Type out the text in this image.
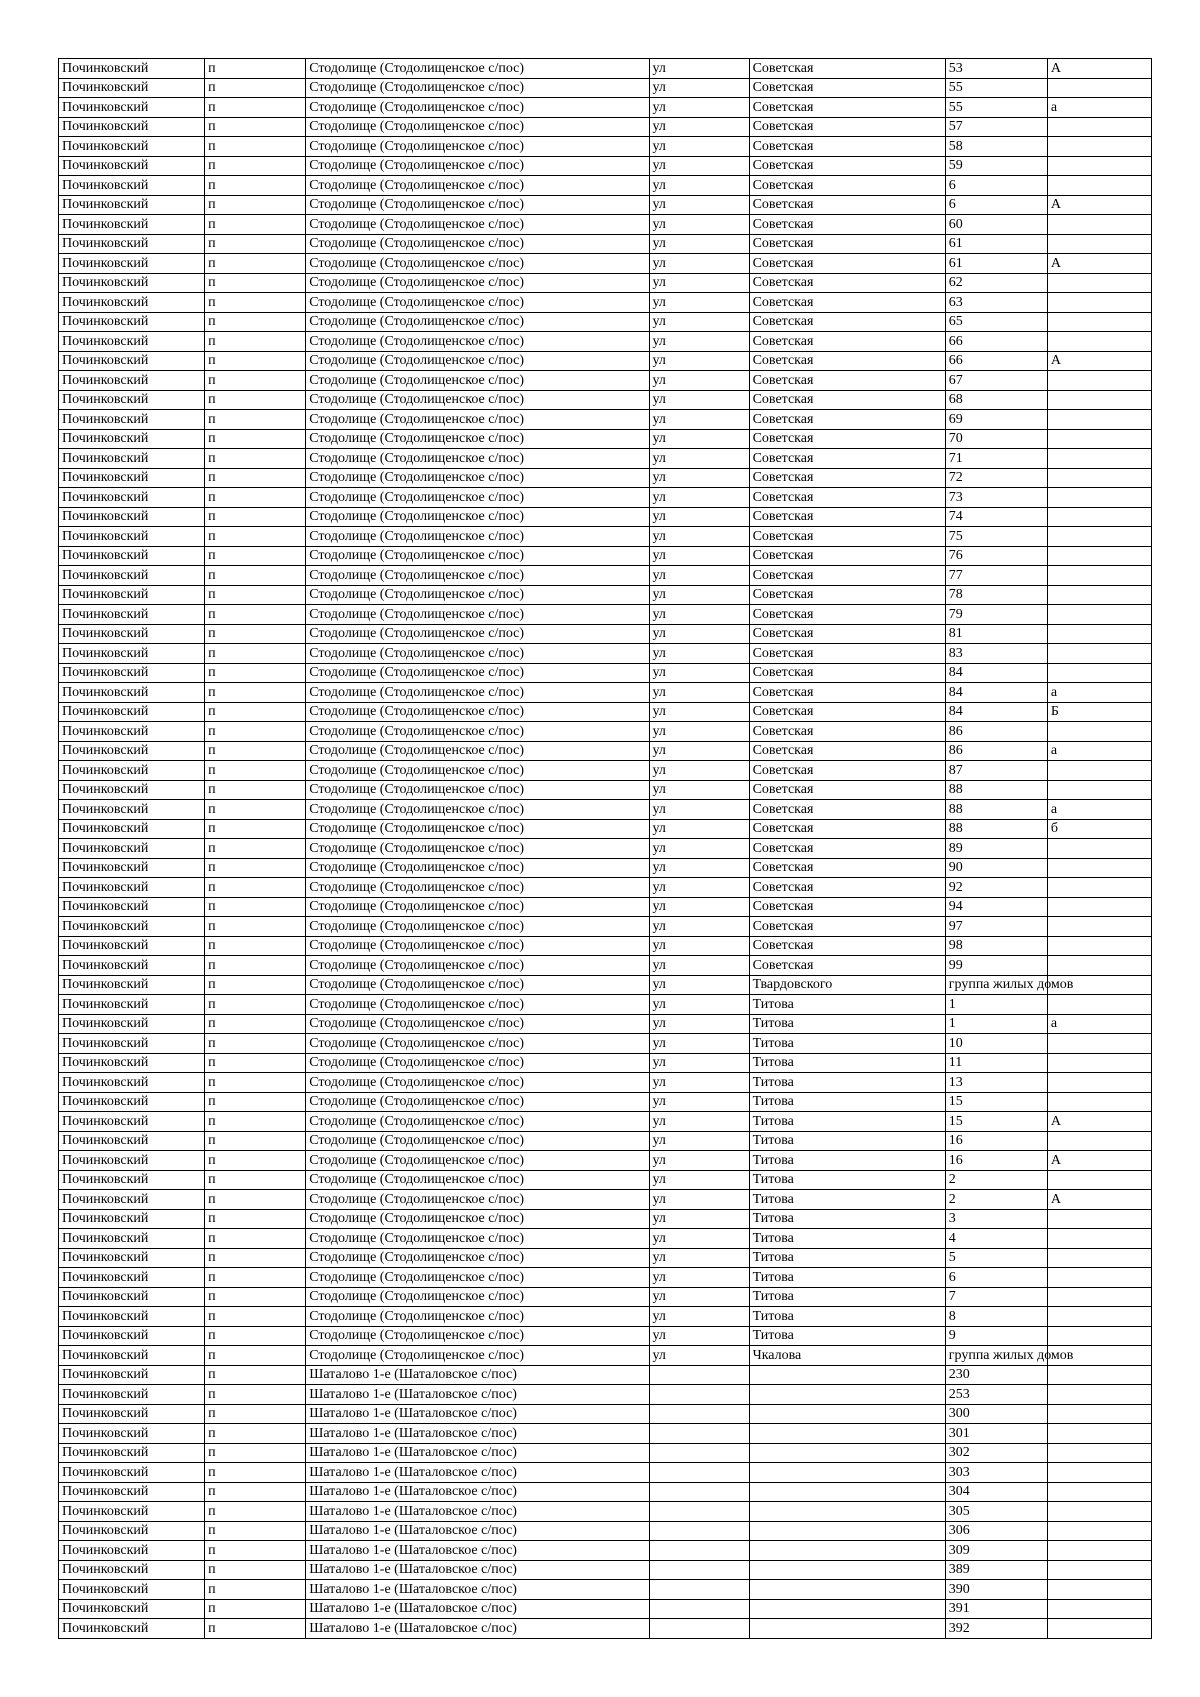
Починковский	п	Стодолище (Стодолищенское с/пос)	ул	Советская	53	А
Починковский	п	Стодолище (Стодолищенское с/пос)	ул	Советская	55	
Починковский	п	Стодолище (Стодолищенское с/пос)	ул	Советская	55	а
Починковский	п	Стодолище (Стодолищенское с/пос)	ул	Советская	57	
Починковский	п	Стодолище (Стодолищенское с/пос)	ул	Советская	58	
Починковский	п	Стодолище (Стодолищенское с/пос)	ул	Советская	59	
Починковский	п	Стодолище (Стодолищенское с/пос)	ул	Советская	6	
Починковский	п	Стодолище (Стодолищенское с/пос)	ул	Советская	6	А
Починковский	п	Стодолище (Стодолищенское с/пос)	ул	Советская	60	
Починковский	п	Стодолище (Стодолищенское с/пос)	ул	Советская	61	
Починковский	п	Стодолище (Стодолищенское с/пос)	ул	Советская	61	А
Починковский	п	Стодолище (Стодолищенское с/пос)	ул	Советская	62	
Починковский	п	Стодолище (Стодолищенское с/пос)	ул	Советская	63	
Починковский	п	Стодолище (Стодолищенское с/пос)	ул	Советская	65	
Починковский	п	Стодолище (Стодолищенское с/пос)	ул	Советская	66	
Починковский	п	Стодолище (Стодолищенское с/пос)	ул	Советская	66	А
Починковский	п	Стодолище (Стодолищенское с/пос)	ул	Советская	67	
Починковский	п	Стодолище (Стодолищенское с/пос)	ул	Советская	68	
Починковский	п	Стодолище (Стодолищенское с/пос)	ул	Советская	69	
Починковский	п	Стодолище (Стодолищенское с/пос)	ул	Советская	70	
Починковский	п	Стодолище (Стодолищенское с/пос)	ул	Советская	71	
Починковский	п	Стодолище (Стодолищенское с/пос)	ул	Советская	72	
Починковский	п	Стодолище (Стодолищенское с/пос)	ул	Советская	73	
Починковский	п	Стодолище (Стодолищенское с/пос)	ул	Советская	74	
Починковский	п	Стодолище (Стодолищенское с/пос)	ул	Советская	75	
Починковский	п	Стодолище (Стодолищенское с/пос)	ул	Советская	76	
Починковский	п	Стодолище (Стодолищенское с/пос)	ул	Советская	77	
Починковский	п	Стодолище (Стодолищенское с/пос)	ул	Советская	78	
Починковский	п	Стодолище (Стодолищенское с/пос)	ул	Советская	79	
Починковский	п	Стодолище (Стодолищенское с/пос)	ул	Советская	81	
Починковский	п	Стодолище (Стодолищенское с/пос)	ул	Советская	83	
Починковский	п	Стодолище (Стодолищенское с/пос)	ул	Советская	84	
Починковский	п	Стодолище (Стодолищенское с/пос)	ул	Советская	84	а
Починковский	п	Стодолище (Стодолищенское с/пос)	ул	Советская	84	Б
Починковский	п	Стодолище (Стодолищенское с/пос)	ул	Советская	86	
Починковский	п	Стодолище (Стодолищенское с/пос)	ул	Советская	86	а
Починковский	п	Стодолище (Стодолищенское с/пос)	ул	Советская	87	
Починковский	п	Стодолище (Стодолищенское с/пос)	ул	Советская	88	
Починковский	п	Стодолище (Стодолищенское с/пос)	ул	Советская	88	а
Починковский	п	Стодолище (Стодолищенское с/пос)	ул	Советская	88	б
Починковский	п	Стодолище (Стодолищенское с/пос)	ул	Советская	89	
Починковский	п	Стодолище (Стодолищенское с/пос)	ул	Советская	90	
Починковский	п	Стодолище (Стодолищенское с/пос)	ул	Советская	92	
Починковский	п	Стодолище (Стодолищенское с/пос)	ул	Советская	94	
Починковский	п	Стодолище (Стодолищенское с/пос)	ул	Советская	97	
Починковский	п	Стодолище (Стодолищенское с/пос)	ул	Советская	98	
Починковский	п	Стодолище (Стодолищенское с/пос)	ул	Советская	99	
Починковский	п	Стодолище (Стодолищенское с/пос)	ул	Твардовского	группа жилых домов	
Починковский	п	Стодолище (Стодолищенское с/пос)	ул	Титова	1	
Починковский	п	Стодолище (Стодолищенское с/пос)	ул	Титова	1	а
Починковский	п	Стодолище (Стодолищенское с/пос)	ул	Титова	10	
Починковский	п	Стодолище (Стодолищенское с/пос)	ул	Титова	11	
Починковский	п	Стодолище (Стодолищенское с/пос)	ул	Титова	13	
Починковский	п	Стодолище (Стодолищенское с/пос)	ул	Титова	15	
Починковский	п	Стодолище (Стодолищенское с/пос)	ул	Титова	15	А
Починковский	п	Стодолище (Стодолищенское с/пос)	ул	Титова	16	
Починковский	п	Стодолище (Стодолищенское с/пос)	ул	Титова	16	А
Починковский	п	Стодолище (Стодолищенское с/пос)	ул	Титова	2	
Починковский	п	Стодолище (Стодолищенское с/пос)	ул	Титова	2	А
Починковский	п	Стодолище (Стодолищенское с/пос)	ул	Титова	3	
Починковский	п	Стодолище (Стодолищенское с/пос)	ул	Титова	4	
Починковский	п	Стодолище (Стодолищенское с/пос)	ул	Титова	5	
Починковский	п	Стодолище (Стодолищенское с/пос)	ул	Титова	6	
Починковский	п	Стодолище (Стодолищенское с/пос)	ул	Титова	7	
Починковский	п	Стодолище (Стодолищенское с/пос)	ул	Титова	8	
Починковский	п	Стодолище (Стодолищенское с/пос)	ул	Титова	9	
Починковский	п	Стодолище (Стодолищенское с/пос)	ул	Чкалова	группа жилых домов	
Починковский	п	Шаталово 1-е (Шаталовское с/пос)			230	
Починковский	п	Шаталово 1-е (Шаталовское с/пос)			253	
Починковский	п	Шаталово 1-е (Шаталовское с/пос)			300	
Починковский	п	Шаталово 1-е (Шаталовское с/пос)			301	
Починковский	п	Шаталово 1-е (Шаталовское с/пос)			302	
Починковский	п	Шаталово 1-е (Шаталовское с/пос)			303	
Починковский	п	Шаталово 1-е (Шаталовское с/пос)			304	
Починковский	п	Шаталово 1-е (Шаталовское с/пос)			305	
Починковский	п	Шаталово 1-е (Шаталовское с/пос)			306	
Починковский	п	Шаталово 1-е (Шаталовское с/пос)			309	
Починковский	п	Шаталово 1-е (Шаталовское с/пос)			389	
Починковский	п	Шаталово 1-е (Шаталовское с/пос)			390	
Починковский	п	Шаталово 1-е (Шаталовское с/пос)			391	
Починковский	п	Шаталово 1-е (Шаталовское с/пос)			392	
